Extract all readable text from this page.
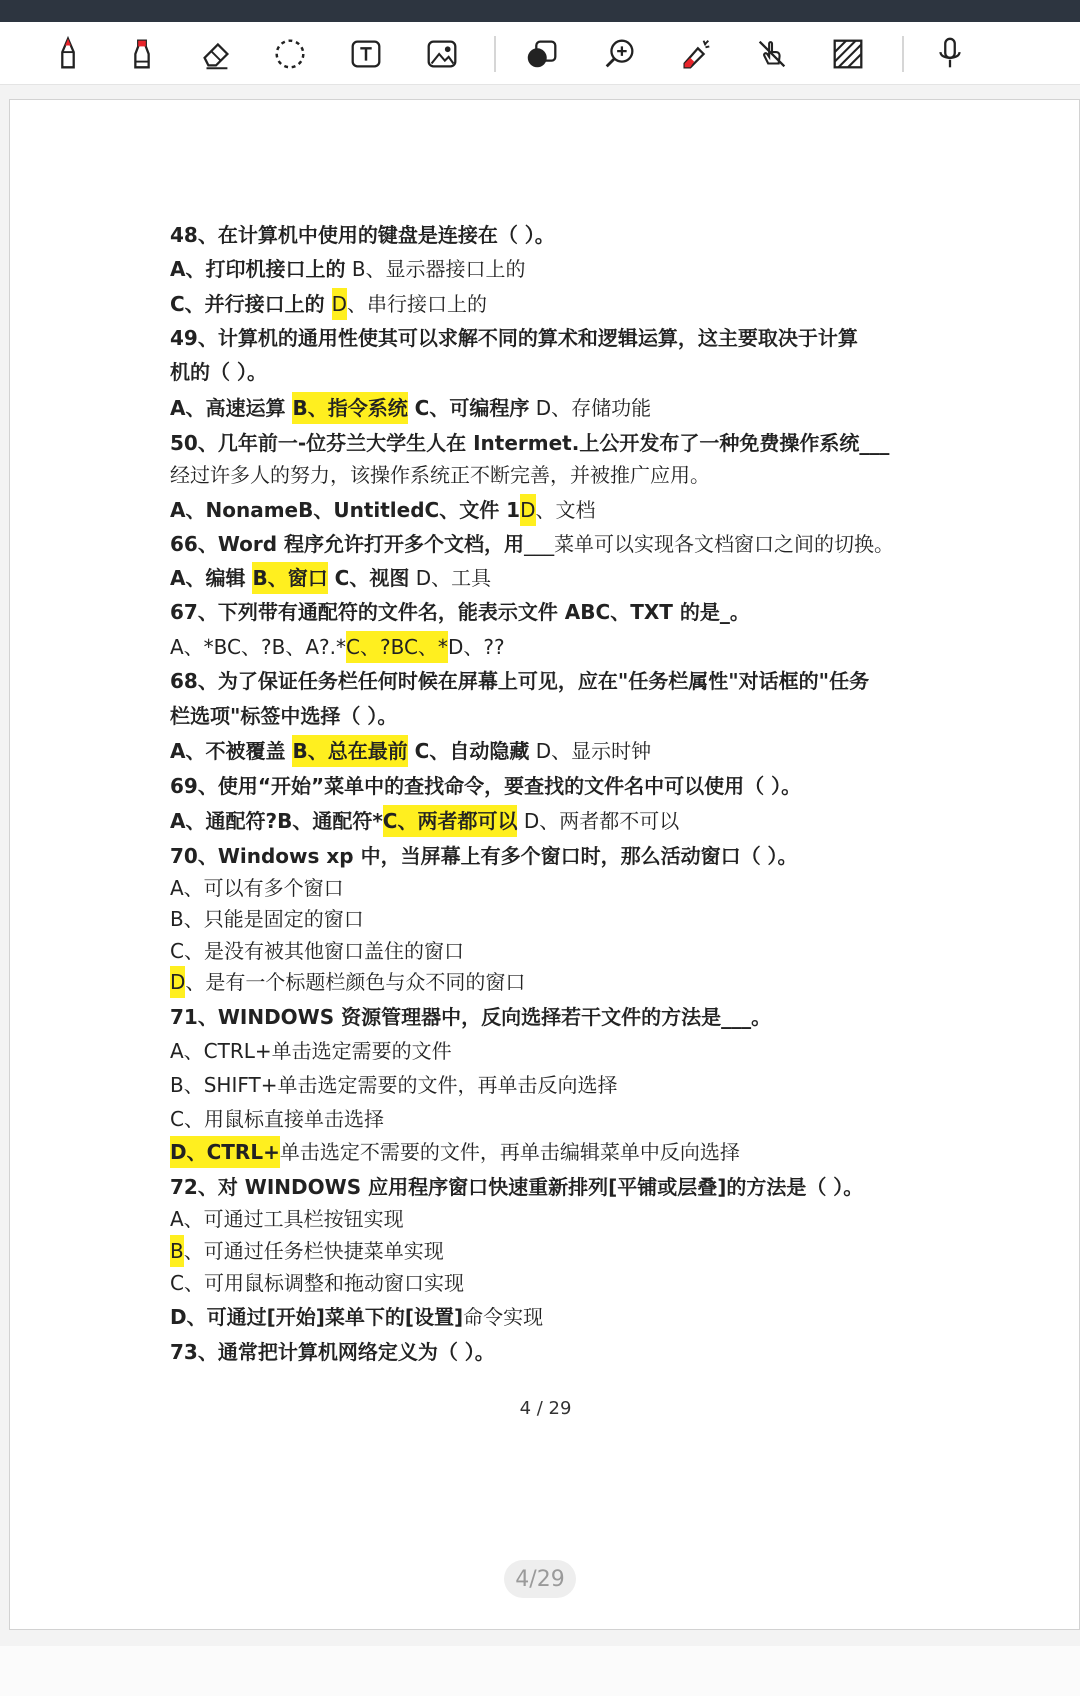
48、在计算机中使用的键盘是连接在（ ）。
A、打印机接口上的 B、显示器接口上的
C、并行接口上的 D、串行接口上的
49、计算机的通用性使其可以求解不同的算术和逻辑运算，这主要取决于计算
机的（ ）。
A、高速运算 B、指令系统 C、可编程序 D、存储功能
50、几年前一-位芬兰大学生人在 Intermet.上公开发布了一种免费操作系统___
经过许多人的努力，该操作系统正不断完善，并被推广应用。
A、NonameB、UntitledC、文件 1D、文档
66、Word 程序允许打开多个文档，用___菜单可以实现各文档窗口之间的切换。
A、编辑 B、窗口 C、视图 D、工具
67、下列带有通配符的文件名，能表示文件 ABC、TXT 的是_。
A、*BC、?B、A?.*C、?BC、*D、??
68、为了保证任务栏任何时候在屏幕上可见，应在"任务栏属性"对话框的"任务
栏选项"标签中选择（ ）。
A、不被覆盖 B、总在最前 C、自动隐藏 D、显示时钟
69、使用“开始”菜单中的查找命令，要查找的文件名中可以使用（ ）。
A、通配符?B、通配符*C、两者都可以 D、两者都不可以
70、Windows xp 中，当屏幕上有多个窗口时，那么活动窗口（ ）。
A、可以有多个窗口
B、只能是固定的窗口
C、是没有被其他窗口盖住的窗口
D、是有一个标题栏颜色与众不同的窗口
71、WINDOWS 资源管理器中，反向选择若干文件的方法是___。
A、CTRL+单击选定需要的文件
B、SHIFT+单击选定需要的文件，再单击反向选择
C、用鼠标直接单击选择
D、CTRL+单击选定不需要的文件，再单击编辑菜单中反向选择
72、对 WINDOWS 应用程序窗口快速重新排列[平铺或层叠]的方法是（ ）。
A、可通过工具栏按钮实现
B、可通过任务栏快捷菜单实现
C、可用鼠标调整和拖动窗口实现
D、可通过[开始]菜单下的[设置]命令实现
73、通常把计算机网络定义为（ ）。
4 / 29
4/29
